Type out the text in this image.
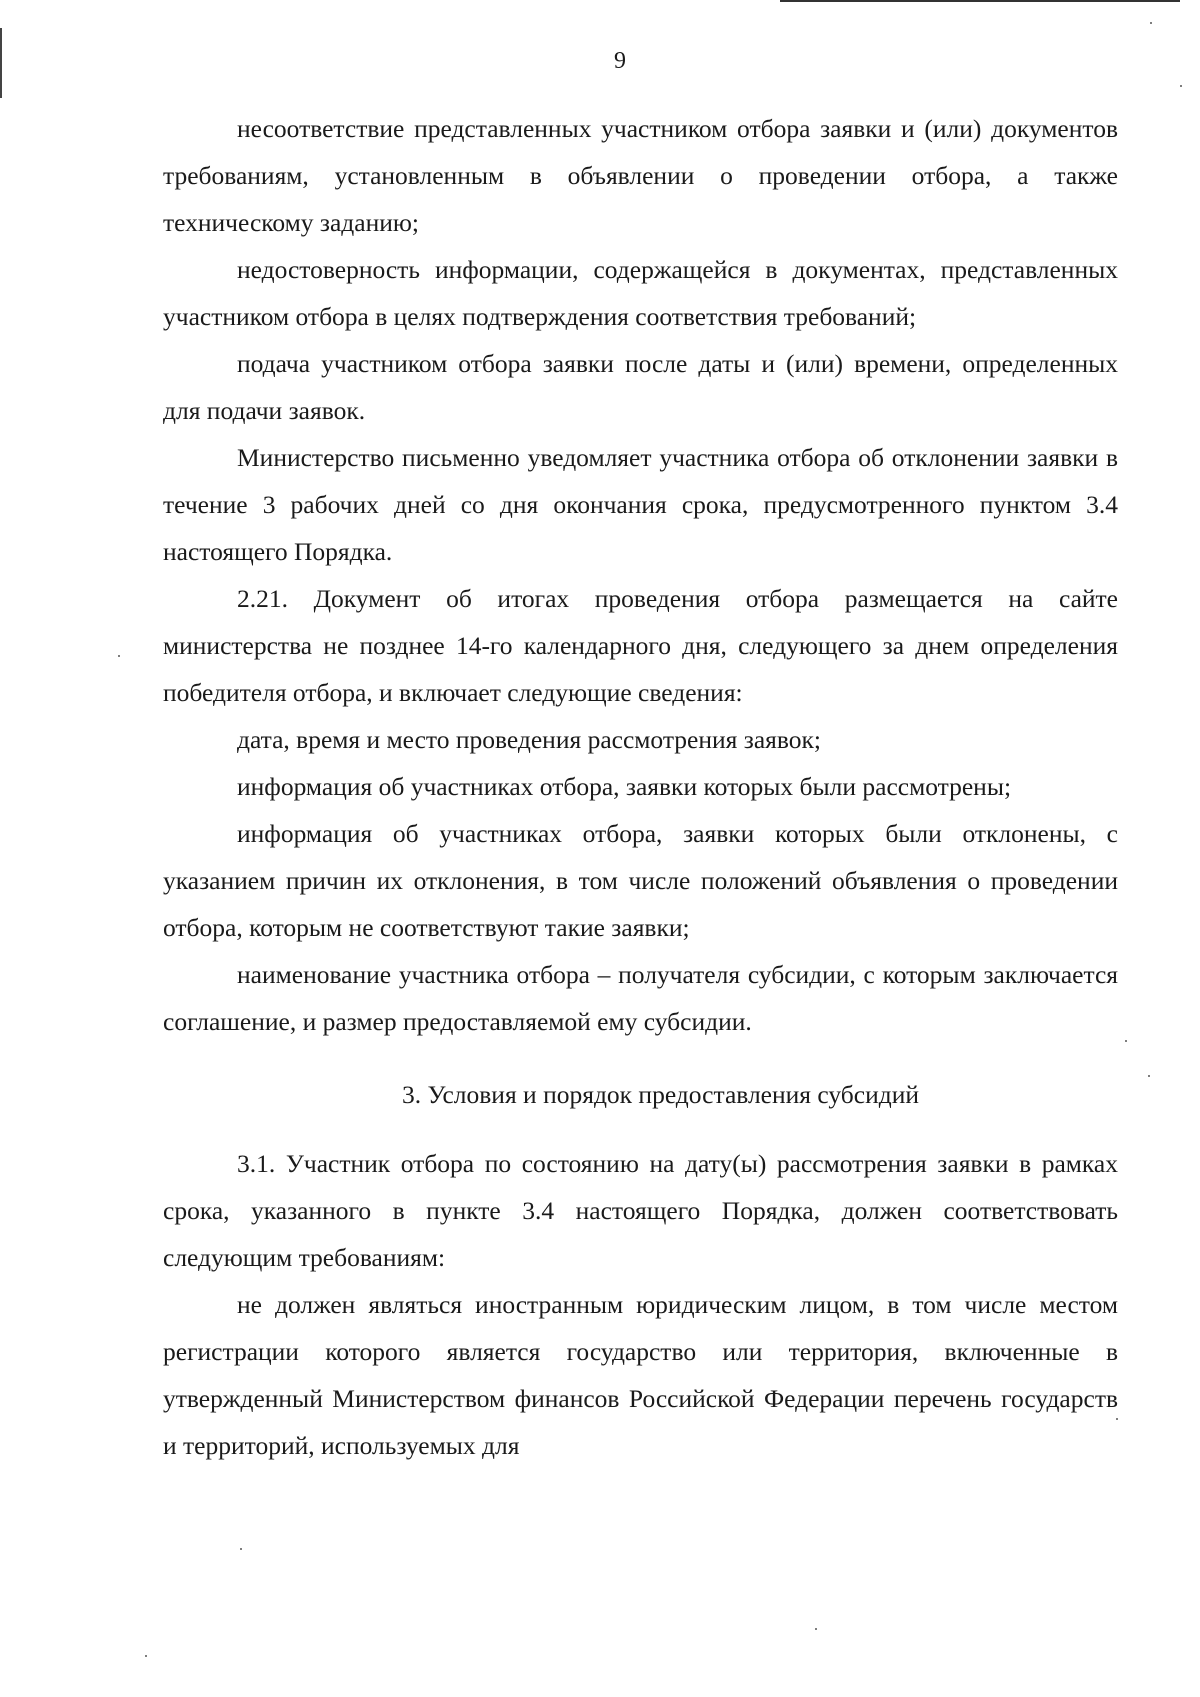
9

несоответствие представленных участником отбора заявки и (или) документов требованиям, установленным в объявлении о проведении отбора, а также техническому заданию;

недостоверность информации, содержащейся в документах, представленных участником отбора в целях подтверждения соответствия требований;

подача участником отбора заявки после даты и (или) времени, определенных для подачи заявок.

Министерство письменно уведомляет участника отбора об отклонении заявки в течение 3 рабочих дней со дня окончания срока, предусмотренного пунктом 3.4 настоящего Порядка.

2.21. Документ об итогах проведения отбора размещается на сайте министерства не позднее 14-го календарного дня, следующего за днем определения победителя отбора, и включает следующие сведения:

дата, время и место проведения рассмотрения заявок;

информация об участниках отбора, заявки которых были рассмотрены;

информация об участниках отбора, заявки которых были отклонены, с указанием причин их отклонения, в том числе положений объявления о проведении отбора, которым не соответствуют такие заявки;

наименование участника отбора – получателя субсидии, с которым заключается соглашение, и размер предоставляемой ему субсидии.

3. Условия и порядок предоставления субсидий

3.1. Участник отбора по состоянию на дату(ы) рассмотрения заявки в рамках срока, указанного в пункте 3.4 настоящего Порядка, должен соответствовать следующим требованиям:

не должен являться иностранным юридическим лицом, в том числе местом регистрации которого является государство или территория, включенные в утвержденный Министерством финансов Российской Федерации перечень государств и территорий, используемых для
